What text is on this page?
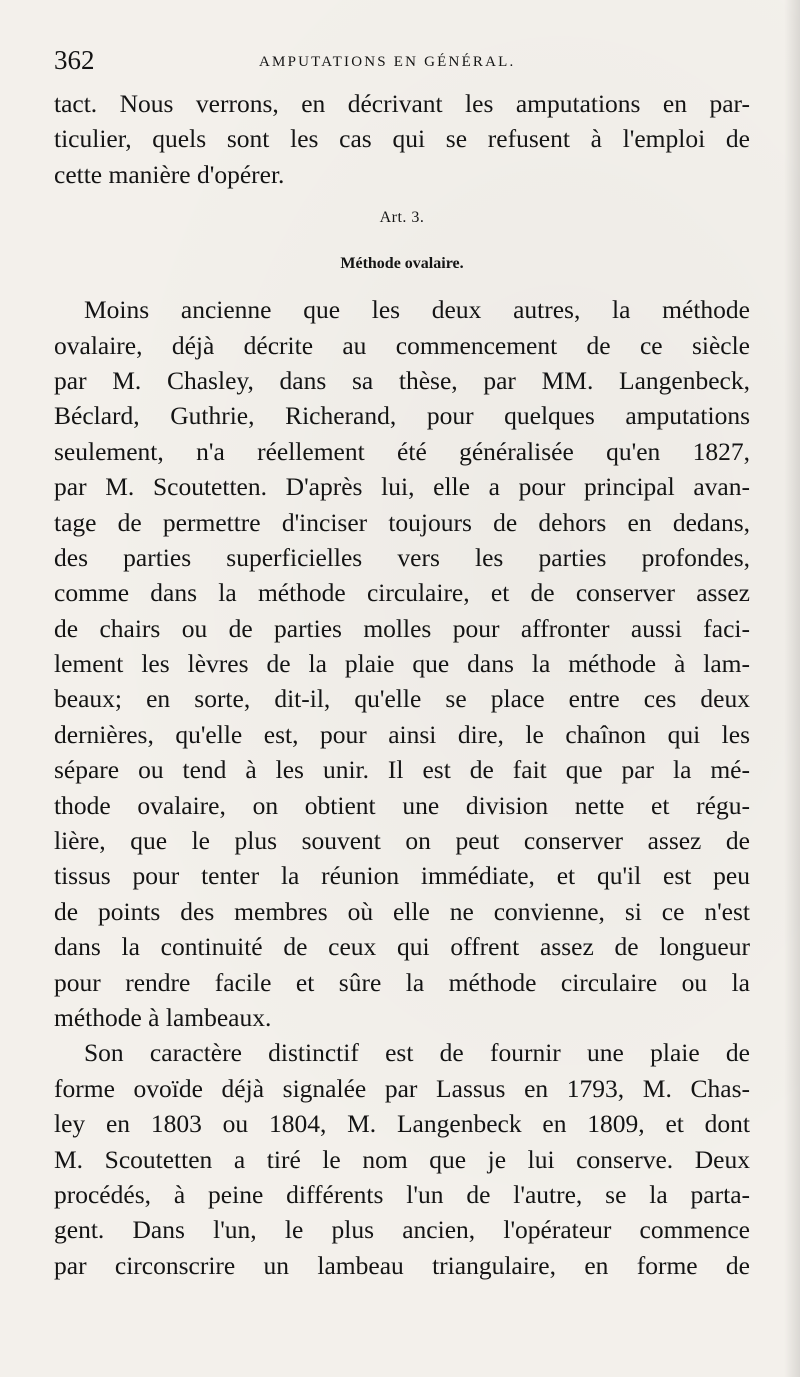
362	AMPUTATIONS EN GÉNÉRAL.
tact. Nous verrons, en décrivant les amputations en par-
ticulier, quels sont les cas qui se refusent à l'emploi de
cette manière d'opérer.
Art. 3.
Méthode ovalaire.
Moins ancienne que les deux autres, la méthode
ovalaire, déjà décrite au commencement de ce siècle
par M. Chasley, dans sa thèse, par MM. Langenbeck,
Béclard, Guthrie, Richerand, pour quelques amputations
seulement, n'a réellement été généralisée qu'en 1827,
par M. Scoutetten. D'après lui, elle a pour principal avan-
tage de permettre d'inciser toujours de dehors en dedans,
des parties superficielles vers les parties profondes,
comme dans la méthode circulaire, et de conserver assez
de chairs ou de parties molles pour affronter aussi faci-
lement les lèvres de la plaie que dans la méthode à lam-
beaux; en sorte, dit-il, qu'elle se place entre ces deux
dernières, qu'elle est, pour ainsi dire, le chaînon qui les
sépare ou tend à les unir. Il est de fait que par la mé-
thode ovalaire, on obtient une division nette et régu-
lière, que le plus souvent on peut conserver assez de
tissus pour tenter la réunion immédiate, et qu'il est peu
de points des membres où elle ne convienne, si ce n'est
dans la continuité de ceux qui offrent assez de longueur
pour rendre facile et sûre la méthode circulaire ou la
méthode à lambeaux.
Son caractère distinctif est de fournir une plaie de
forme ovoïde déjà signalée par Lassus en 1793, M. Chas-
ley en 1803 ou 1804, M. Langenbeck en 1809, et dont
M. Scoutetten a tiré le nom que je lui conserve. Deux
procédés, à peine différents l'un de l'autre, se la parta-
gent. Dans l'un, le plus ancien, l'opérateur commence
par circonscrire un lambeau triangulaire, en forme de
